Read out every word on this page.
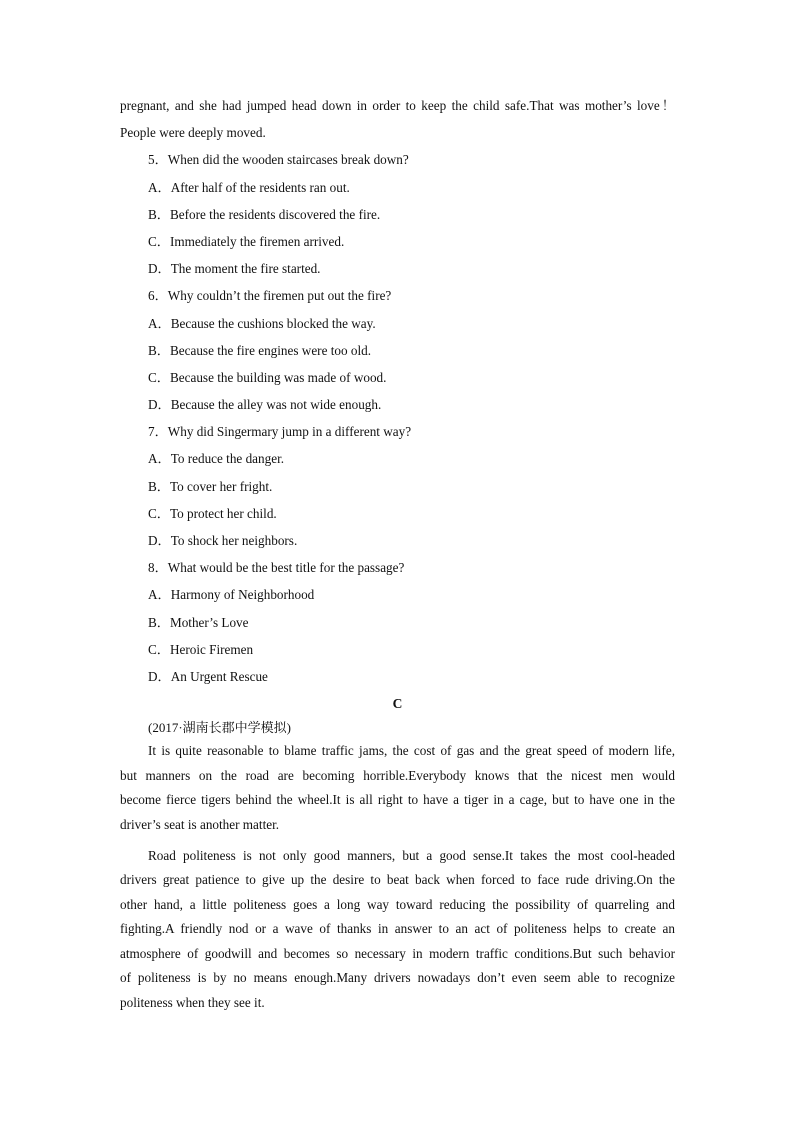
pregnant, and she had jumped head down in order to keep the child safe.That was mother’s love！
People were deeply moved.
5．When did the wooden staircases break down?
A．After half of the residents ran out.
B．Before the residents discovered the fire.
C．Immediately the firemen arrived.
D．The moment the fire started.
6．Why couldn’t the firemen put out the fire?
A．Because the cushions blocked the way.
B．Because the fire engines were too old.
C．Because the building was made of wood.
D．Because the alley was not wide enough.
7．Why did Singermary jump in a different way?
A．To reduce the danger.
B．To cover her fright.
C．To protect her child.
D．To shock her neighbors.
8．What would be the best title for the passage?
A．Harmony of Neighborhood
B．Mother’s Love
C．Heroic Firemen
D．An Urgent Rescue
C
(2017·湖南长郡中学模拟)
It is quite reasonable to blame traffic jams, the cost of gas and the great speed of modern life,
but manners on the road are becoming horrible.Everybody knows that the nicest men would
become fierce tigers behind the wheel.It is all right to have a tiger in a cage, but to have one in the
driver’s seat is another matter.
Road politeness is not only good manners, but a good sense.It takes the most cool-headed
drivers great patience to give up the desire to beat back when forced to face rude driving.On the
other hand, a little politeness goes a long way toward reducing the possibility of quarreling and
fighting.A friendly nod or a wave of thanks in answer to an act of politeness helps to create an
atmosphere of goodwill and becomes so necessary in modern traffic conditions.But such behavior
of politeness is by no means enough.Many drivers nowadays don’t even seem able to recognize
politeness when they see it.
